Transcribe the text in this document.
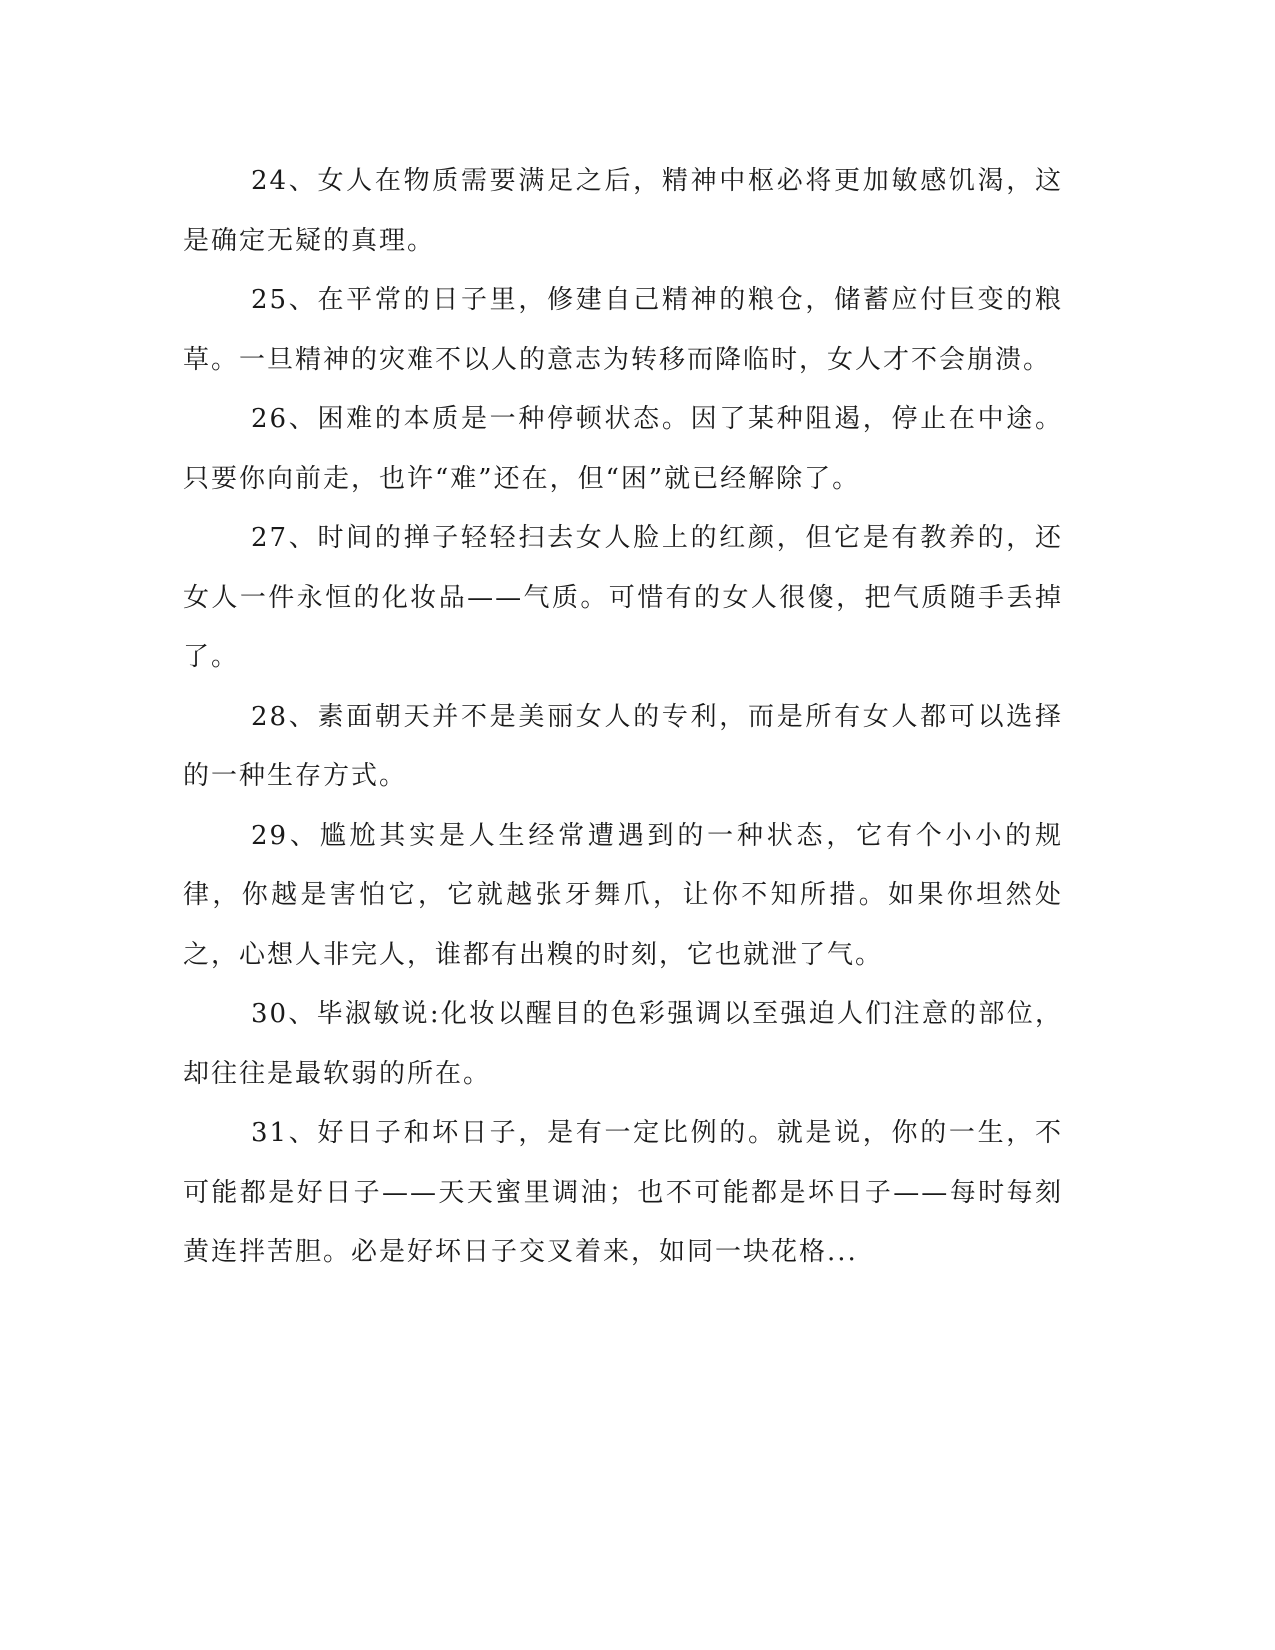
24、女人在物质需要满足之后，精神中枢必将更加敏感饥渴，这是确定无疑的真理。

25、在平常的日子里，修建自己精神的粮仓，储蓄应付巨变的粮草。一旦精神的灾难不以人的意志为转移而降临时，女人才不会崩溃。

26、困难的本质是一种停顿状态。因了某种阻遏，停止在中途。只要你向前走，也许“难”还在，但“困”就已经解除了。

27、时间的掸子轻轻扫去女人脸上的红颜，但它是有教养的，还女人一件永恒的化妆品——气质。可惜有的女人很傻，把气质随手丢掉了。

28、素面朝天并不是美丽女人的专利，而是所有女人都可以选择的一种生存方式。

29、尴尬其实是人生经常遭遇到的一种状态，它有个小小的规律，你越是害怕它，它就越张牙舞爪，让你不知所措。如果你坦然处之，心想人非完人，谁都有出糗的时刻，它也就泄了气。

30、毕淑敏说:化妆以醒目的色彩强调以至强迫人们注意的部位，却往往是最软弱的所在。

31、好日子和坏日子，是有一定比例的。就是说，你的一生，不可能都是好日子——天天蜜里调油；也不可能都是坏日子——每时每刻黄连拌苦胆。必是好坏日子交叉着来，如同一块花格...
